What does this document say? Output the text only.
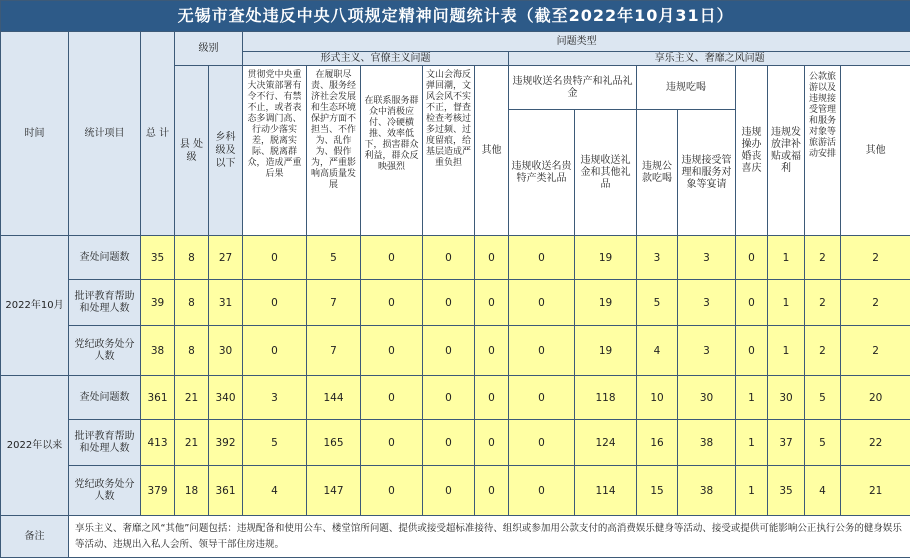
无锡市查处违反中央八项规定精神问题统计表（截至2022年10月31日）																	
时间	统计项目	总 计	级别		问题类型												
					形式主义、官僚主义问题					享乐主义、奢靡之风问题							
			县 处 级	乡科级及以下	贯彻党中央重大决策部署有令不行、有禁不止，或者表态多调门高、行动少落实差，脱离实际、脱离群众，造成严重后果	在履职尽责、服务经济社会发展和生态环境保护方面不担当、不作为、乱作为、假作为，严重影响高质量发展	在联系服务群众中消极应付、冷硬横推、效率低下，损害群众利益，群众反映强烈	文山会海反弹回潮，文风会风不实不正，督查检查考核过多过频、过度留痕，给基层造成严重负担	其他	违规收送名贵特产和礼品礼金		违规吃喝		违规操办婚丧喜庆	违规发放津补贴或福利	公款旅游以及违规接受管理和服务对象等旅游活动安排	其他
										违规收送名贵特产类礼品	违规收送礼金和其他礼品	违规公款吃喝	违规接受管理和服务对象等宴请				
2022年10月	查处问题数	35	8	27	0	5	0	0	0	0	19	3	3	0	1	2	2
	批评教育帮助和处理人数	39	8	31	0	7	0	0	0	0	19	5	3	0	1	2	2
	党纪政务处分人数	38	8	30	0	7	0	0	0	0	19	4	3	0	1	2	2
2022年以来	查处问题数	361	21	340	3	144	0	0	0	0	118	10	30	1	30	5	20
	批评教育帮助和处理人数	413	21	392	5	165	0	0	0	0	124	16	38	1	37	5	22
	党纪政务处分人数	379	18	361	4	147	0	0	0	0	114	15	38	1	35	4	21
备注	享乐主义、奢靡之风“其他”问题包括：违规配备和使用公车、楼堂馆所问题、提供或接受超标准接待、组织或参加用公款支付的高消费娱乐健身等活动、接受或提供可能影响公正执行公务的健身娱乐等活动、违规出入私人会所、领导干部住房违规。																
